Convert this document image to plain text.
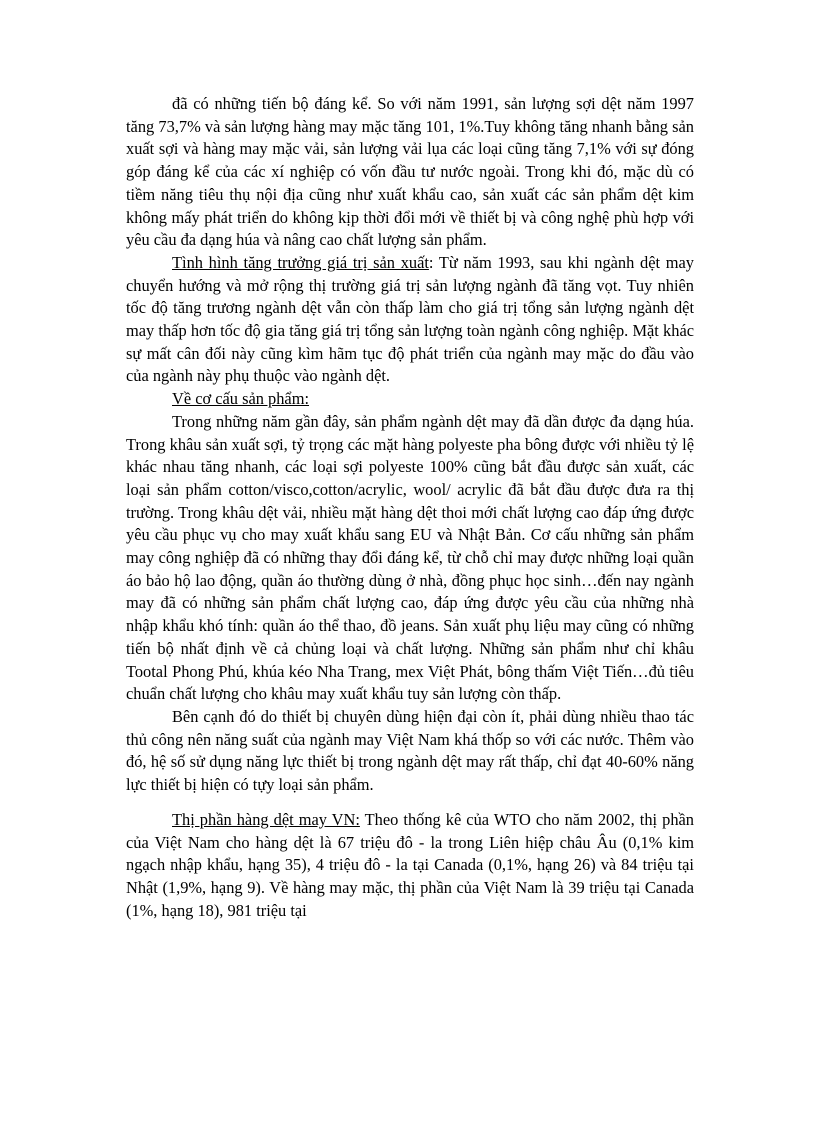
đã có những tiến bộ đáng kể. So với năm 1991, sản lượng sợi dệt năm 1997 tăng 73,7% và sản lượng hàng may mặc tăng 101, 1%.Tuy không tăng nhanh bằng sản xuất sợi và hàng may mặc vải, sản lượng vải lụa các loại cũng tăng 7,1% với sự đóng góp đáng kể của các xí nghiệp có vốn đầu tư nước ngoài. Trong khi đó, mặc dù có tiềm năng tiêu thụ nội địa cũng như xuất khẩu cao, sản xuất các sản phẩm dệt kim không mấy phát triển do không kịp thời đổi mới về thiết bị và công nghệ phù hợp với yêu cầu đa dạng húa và nâng cao chất lượng sản phẩm.

Tình hình tăng trưởng giá trị sản xuất: Từ năm 1993, sau khi ngành dệt may chuyển hướng và mở rộng thị trường giá trị sản lượng ngành đã tăng vọt. Tuy nhiên tốc độ tăng trương ngành dệt vẫn còn thấp làm cho giá trị tổng sản lượng ngành dệt may thấp hơn tốc độ gia tăng giá trị tổng sản lượng toàn ngành công nghiệp. Mặt khác sự mất cân đối này cũng kìm hãm tục độ phát triển của ngành may mặc do đầu vào của ngành này phụ thuộc vào ngành dệt.

Về cơ cấu sản phẩm:

Trong những năm gần đây, sản phẩm ngành dệt may đã dần được đa dạng húa. Trong khâu sản xuất sợi, tỷ trọng các mặt hàng polyeste pha bông được với nhiều tỷ lệ khác nhau tăng nhanh, các loại sợi polyeste 100% cũng bắt đầu được sản xuất, các loại sản phẩm cotton/visco,cotton/acrylic, wool/ acrylic đã bắt đầu được đưa ra thị trường. Trong khâu dệt vải, nhiều mặt hàng dệt thoi mới chất lượng cao đáp ứng được yêu cầu phục vụ cho may xuất khẩu sang EU và Nhật Bản. Cơ cấu những sản phẩm may công nghiệp đã có những thay đổi đáng kể, từ chỗ chỉ may được những loại quần áo bảo hộ lao động, quần áo thường dùng ở nhà, đồng phục học sinh…đến nay ngành may đã có những sản phẩm chất lượng cao, đáp ứng được yêu cầu của những nhà nhập khẩu khó tính: quần áo thể thao, đồ jeans. Sản xuất phụ liệu may cũng có những tiến bộ nhất định về cả chủng loại và chất lượng. Những sản phẩm như chỉ khâu Tootal Phong Phú, khúa kéo Nha Trang, mex Việt Phát, bông thấm Việt Tiến…đủ tiêu chuẩn chất lượng cho khâu may xuất khẩu tuy sản lượng còn thấp.

Bên cạnh đó do thiết bị chuyên dùng hiện đại còn ít, phải dùng nhiều thao tác thủ công nên năng suất của ngành may Việt Nam khá thốp so với các nước. Thêm vào đó, hệ số sử dụng năng lực thiết bị trong ngành dệt may rất thấp, chỉ đạt 40-60% năng lực thiết bị hiện có tựy loại sản phẩm.

Thị phần hàng dệt may VN: Theo thống kê của WTO cho năm 2002, thị phần của Việt Nam cho hàng dệt là 67 triệu đô - la trong Liên hiệp châu Âu (0,1% kim ngạch nhập khẩu, hạng 35), 4 triệu đô - la tại Canada (0,1%, hạng 26) và 84 triệu tại Nhật (1,9%, hạng 9). Về hàng may mặc, thị phần của Việt Nam là 39 triệu tại Canada (1%, hạng 18), 981 triệu tại
